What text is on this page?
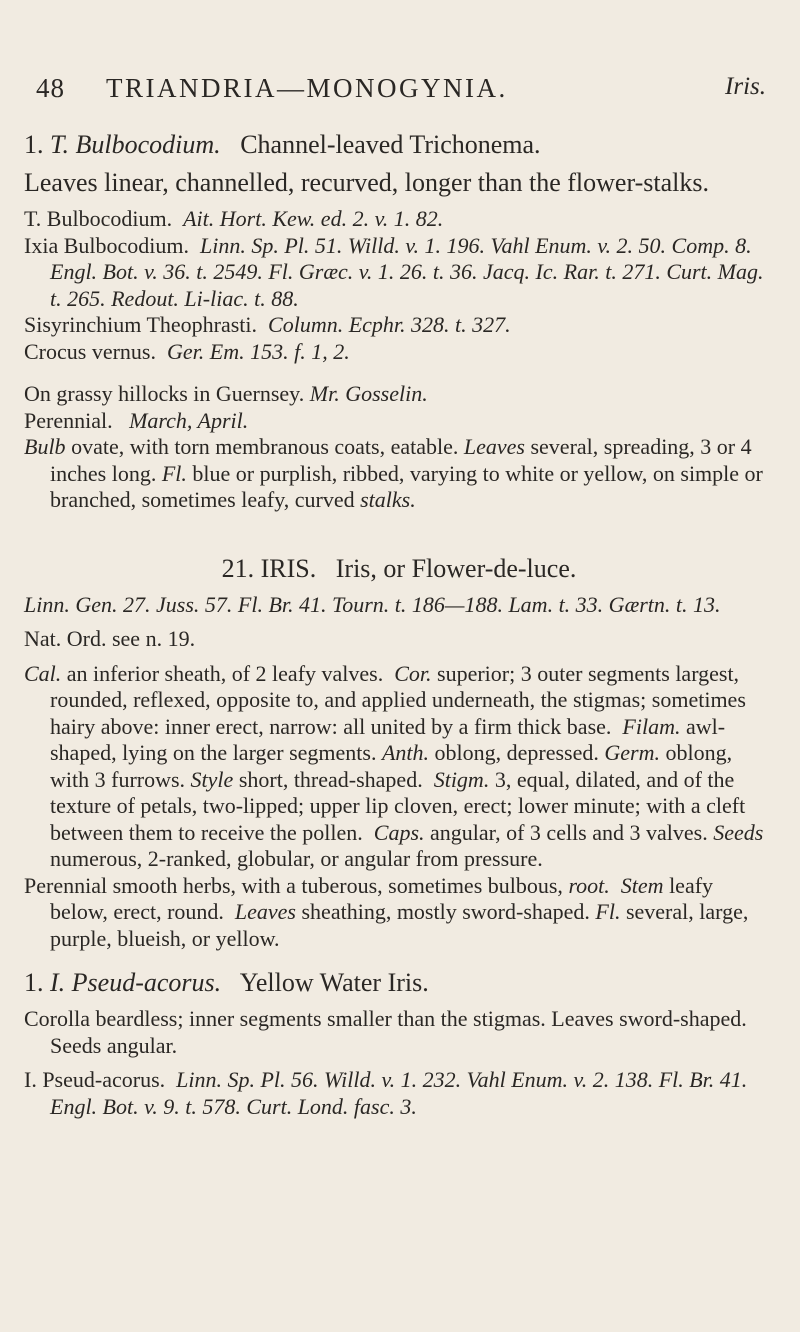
48 TRIANDRIA—MONOGYNIA.	Iris.

1. T. Bulbocodium. Channel-leaved Trichonema.

Leaves linear, channelled, recurved, longer than the flower-stalks.

T. Bulbocodium. Ait. Hort. Kew. ed. 2. v. 1. 82.

Ixia Bulbocodium. Linn. Sp. Pl. 51. Willd. v. 1. 196. Vahl Enum. v. 2. 50. Comp. 8. Engl. Bot. v. 36. t. 2549. Fl. Græc. v. 1. 26. t. 36. Jacq. Ic. Rar. t. 271. Curt. Mag. t. 265. Redout. Li-liac. t. 88.

Sisyrinchium Theophrasti. Column. Ecphr. 328. t. 327.

Crocus vernus. Ger. Em. 153. f. 1, 2.

On grassy hillocks in Guernsey. Mr. Gosselin.

Perennial. March, April.

Bulb ovate, with torn membranous coats, eatable. Leaves several, spreading, 3 or 4 inches long. Fl. blue or purplish, ribbed, varying to white or yellow, on simple or branched, sometimes leafy, curved stalks.

21. IRIS. Iris, or Flower-de-luce.

Linn. Gen. 27. Juss. 57. Fl. Br. 41. Tourn. t. 186—188. Lam. t. 33. Gærtn. t. 13.

Nat. Ord. see n. 19.

Cal. an inferior sheath, of 2 leafy valves. Cor. superior; 3 outer segments largest, rounded, reflexed, opposite to, and applied underneath, the stigmas; sometimes hairy above: inner erect, narrow: all united by a firm thick base. Filam. awl-shaped, lying on the larger segments. Anth. oblong, depressed. Germ. oblong, with 3 furrows. Style short, thread-shaped. Stigm. 3, equal, dilated, and of the texture of petals, two-lipped; upper lip cloven, erect; lower minute; with a cleft between them to receive the pollen. Caps. angular, of 3 cells and 3 valves. Seeds numerous, 2-ranked, globular, or angular from pressure.

Perennial smooth herbs, with a tuberous, sometimes bulbous, root. Stem leafy below, erect, round. Leaves sheathing, mostly sword-shaped. Fl. several, large, purple, blueish, or yellow.

1. I. Pseud-acorus. Yellow Water Iris.

Corolla beardless; inner segments smaller than the stigmas. Leaves sword-shaped. Seeds angular.

I. Pseud-acorus. Linn. Sp. Pl. 56. Willd. v. 1. 232. Vahl Enum. v. 2. 138. Fl. Br. 41. Engl. Bot. v. 9. t. 578. Curt. Lond. fasc. 3.
